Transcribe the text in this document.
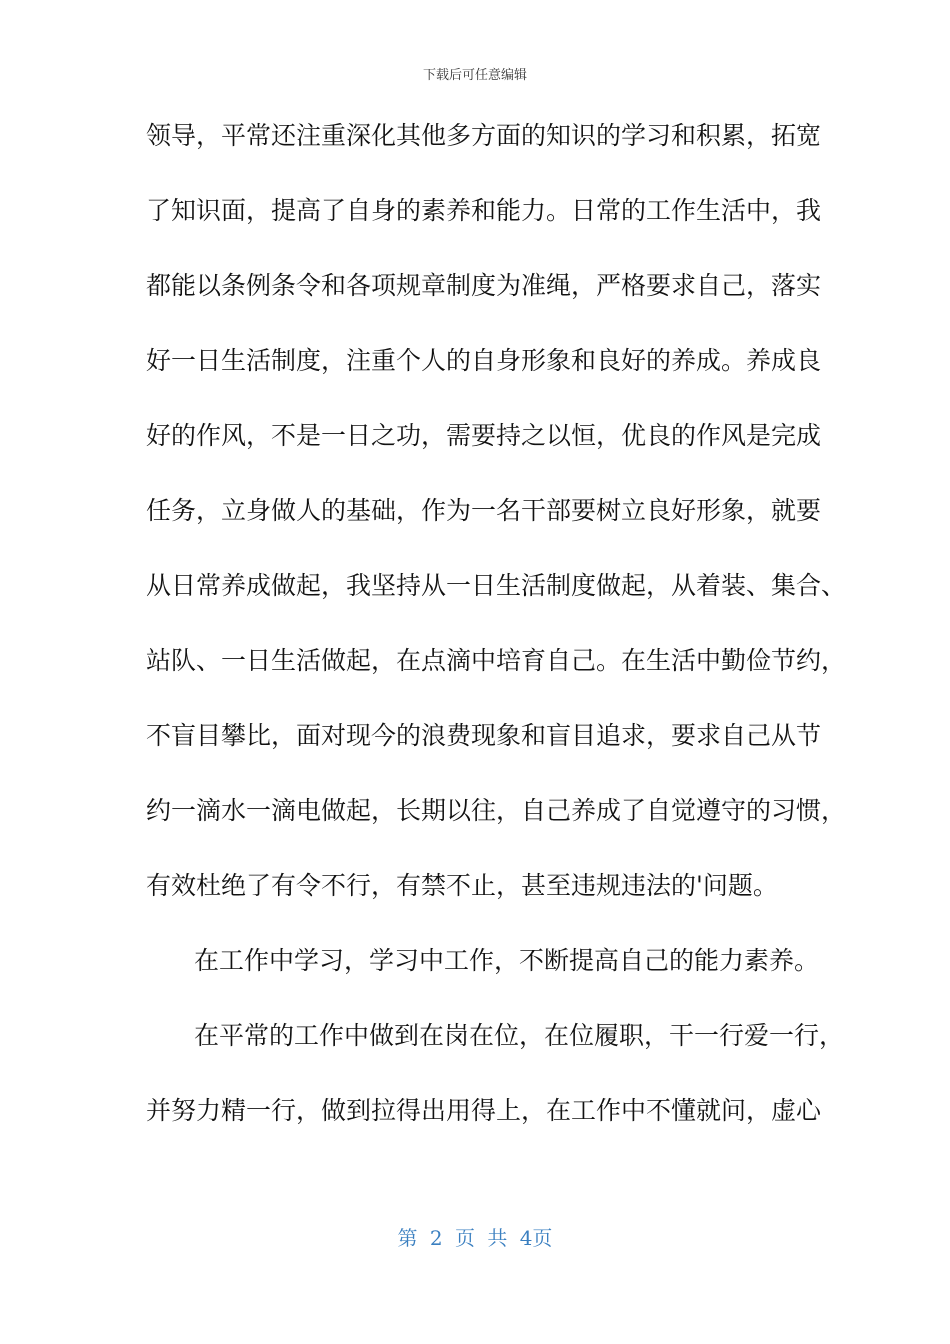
下载后可任意编辑
领导，平常还注重深化其他多方面的知识的学习和积累，拓宽
了知识面，提高了自身的素养和能力。日常的工作生活中，我
都能以条例条令和各项规章制度为准绳，严格要求自己，落实
好一日生活制度，注重个人的自身形象和良好的养成。养成良
好的作风，不是一日之功，需要持之以恒，优良的作风是完成
任务，立身做人的基础，作为一名干部要树立良好形象，就要
从日常养成做起，我坚持从一日生活制度做起，从着装、集合、
站队、一日生活做起，在点滴中培育自己。在生活中勤俭节约，
不盲目攀比，面对现今的浪费现象和盲目追求，要求自己从节
约一滴水一滴电做起，长期以往，自己养成了自觉遵守的习惯，
有效杜绝了有令不行，有禁不止，甚至违规违法的'问题。
在工作中学习，学习中工作，不断提高自己的能力素养。
在平常的工作中做到在岗在位，在位履职，干一行爱一行，
并努力精一行，做到拉得出用得上，在工作中不懂就问，虚心
第 2 页 共 4页
